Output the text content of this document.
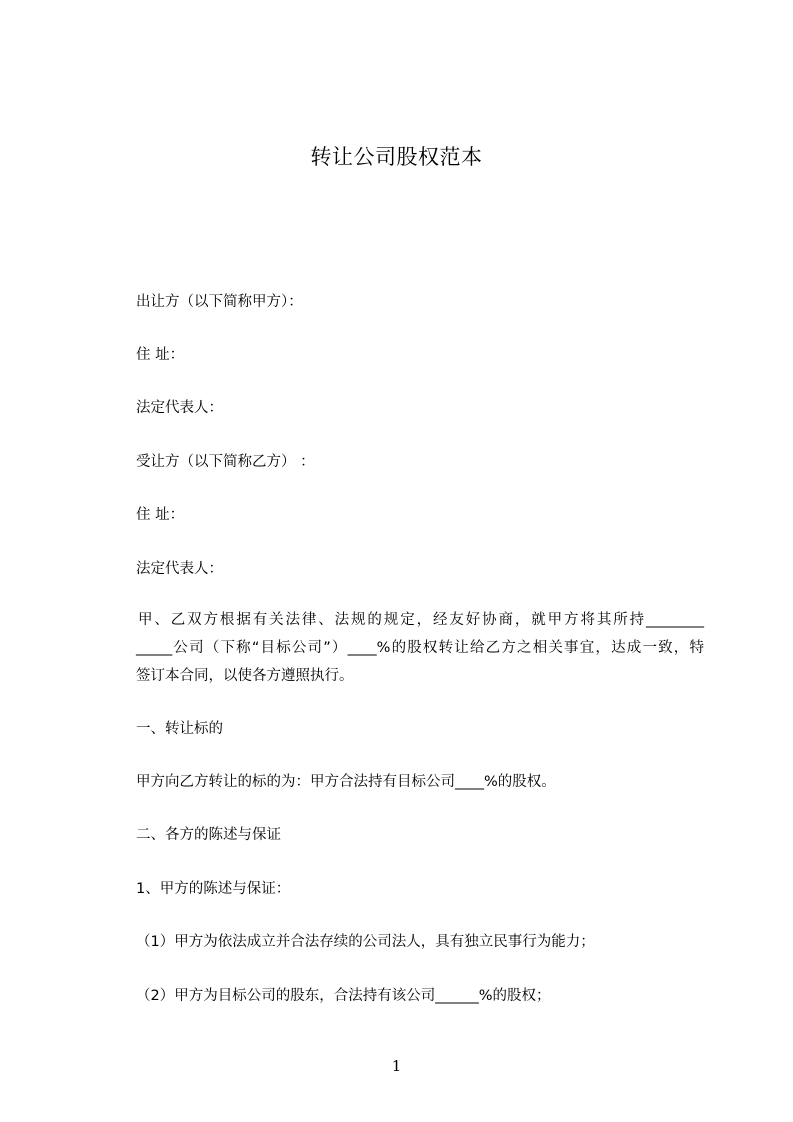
转让公司股权范本
出让方（以下简称甲方）：
住 址：
法定代表人：
受让方（以下简称乙方） ：
住 址：
法定代表人：
甲、乙双方根据有关法律、法规的规定，经友好协商，就甲方将其所持________
_____公司（下称“目标公司”）____%的股权转让给乙方之相关事宜，达成一致，特
签订本合同，以使各方遵照执行。
一、转让标的
甲方向乙方转让的标的为：甲方合法持有目标公司____%的股权。
二、各方的陈述与保证
1、甲方的陈述与保证：
（1）甲方为依法成立并合法存续的公司法人，具有独立民事行为能力；
（2）甲方为目标公司的股东，合法持有该公司______%的股权；
1
